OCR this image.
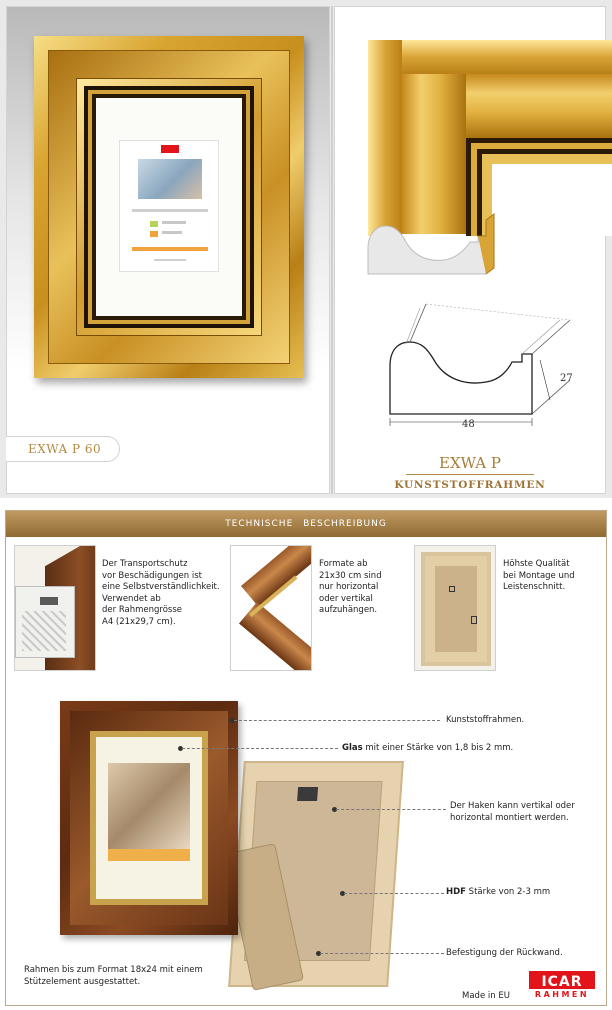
EXWA P 60
27
48
EXWA P
KUNSTSTOFFRAHMEN
TECHNISCHE BESCHREIBUNG
Der Transportschutz
vor Beschädigungen ist
eine Selbstverständlichkeit.
Verwendet ab
der Rahmengrösse
A4 (21x29,7 cm).
Formate ab
21x30 cm sind
nur horizontal
oder vertikal
aufzuhängen.
Höhste Qualität
bei Montage und
Leistenschnitt.
Kunststoffrahmen.
Glas mit einer Stärke von 1,8 bis 2 mm.
Der Haken kann vertikal oder
horizontal montiert werden.
HDF Stärke von 2-3 mm
Befestigung der Rückwand.
Rahmen bis zum Format 18x24 mit einem Stützelement ausgestattet.
Made in EU
ICAR
RAHMEN
